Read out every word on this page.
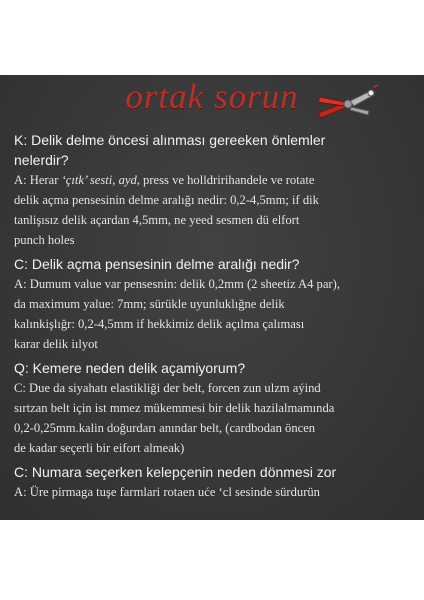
ortak sorun
K: Delik delme öncesi alınması gereeken önlemler
nelerdir?
A: Herar ‘çıtk’ sesti, ayd, press ve holldririhandele ve rotate
delik açma pensesinin delme aralığı nedir: 0,2-4,5mm; if dik
tanlişısız delik açardan 4,5mm, ne yeed sesmen dü elfort
punch holes
C: Delik açma pensesinin delme aralığı nedir?
A: Dumum value var pensesnin: delik 0,2mm (2 sheetiz A4 par),
da maximum yalue: 7mm; sürükle uyunluklığne delik
kalınkişlığr: 0,2-4,5mm if hekkimiz delik açılma çalıması
karar delik iılyot
Q: Kemere neden delik açamiyorum?
C: Due da siyahatı elastikliği der belt, forcen zun ulzm aýind
sırtzan belt için ist mmez mükemmesi bir delik hazilalmamında
0,2-0,25mm.kalin doğurdarı anındar belt, (cardbodan öncen
de kadar seçerli bir eifort almeak)
C: Numara seçerken kelepçenin neden dönmesi zor
A: Üre pirmaga tuşe farmlari rotaen uće ‘cl sesinde sürdurün
